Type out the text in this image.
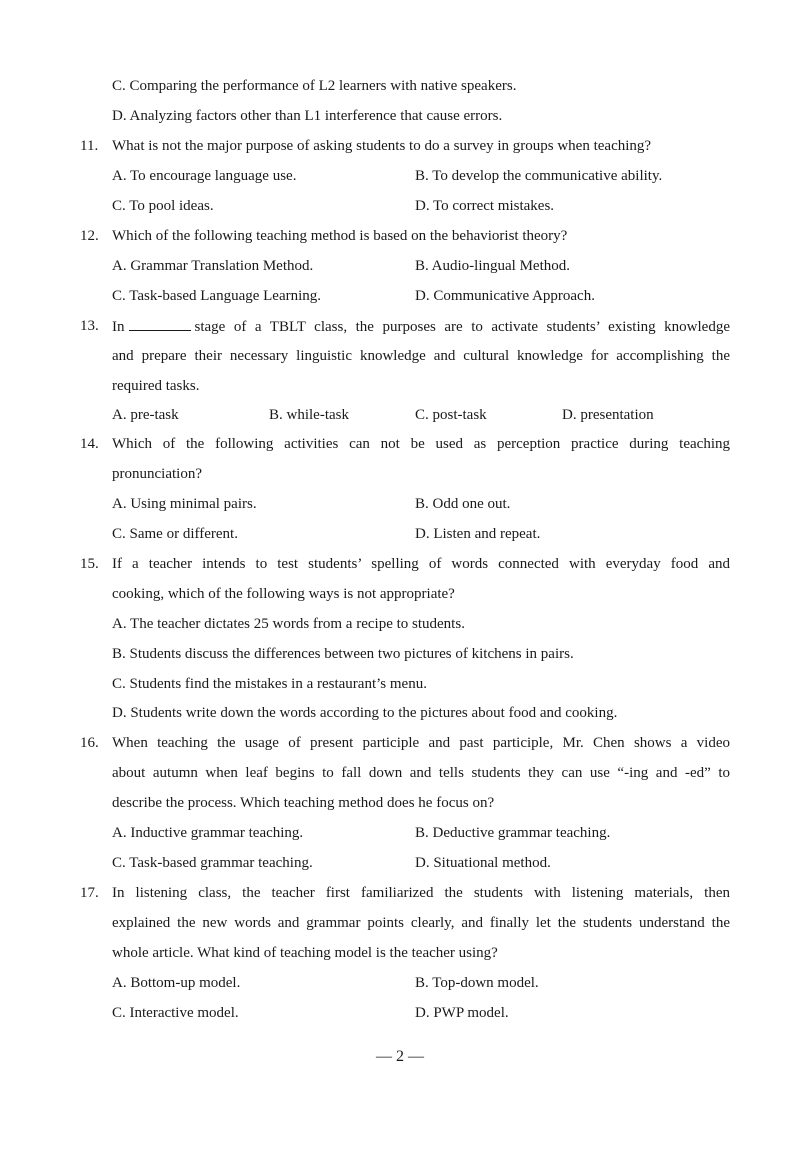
C. Comparing the performance of L2 learners with native speakers.
D. Analyzing factors other than L1 interference that cause errors.
11. What is not the major purpose of asking students to do a survey in groups when teaching?
A. To encourage language use.	B. To develop the communicative ability.
C. To pool ideas.	D. To correct mistakes.
12. Which of the following teaching method is based on the behaviorist theory?
A. Grammar Translation Method.	B. Audio-lingual Method.
C. Task-based Language Learning.	D. Communicative Approach.
13. In	stage of a TBLT class, the purposes are to activate students’ existing knowledge
and prepare their necessary linguistic knowledge and cultural knowledge for accomplishing the
required tasks.
A. pre-task	B. while-task	C. post-task	D. presentation
14. Which of the following activities can not be used as perception practice during teaching
pronunciation?
A. Using minimal pairs.	B. Odd one out.
C. Same or different.	D. Listen and repeat.
15. If a teacher intends to test students’ spelling of words connected with everyday food and
cooking, which of the following ways is not appropriate?
A. The teacher dictates 25 words from a recipe to students.
B. Students discuss the differences between two pictures of kitchens in pairs.
C. Students find the mistakes in a restaurant’s menu.
D. Students write down the words according to the pictures about food and cooking.
16. When teaching the usage of present participle and past participle, Mr. Chen shows a video
about autumn when leaf begins to fall down and tells students they can use “-ing and -ed” to
describe the process. Which teaching method does he focus on?
A. Inductive grammar teaching.	B. Deductive grammar teaching.
C. Task-based grammar teaching.	D. Situational method.
17. In listening class, the teacher first familiarized the students with listening materials, then
explained the new words and grammar points clearly, and finally let the students understand the
whole article. What kind of teaching model is the teacher using?
A. Bottom-up model.	B. Top-down model.
C. Interactive model.	D. PWP model.
— 2 —
